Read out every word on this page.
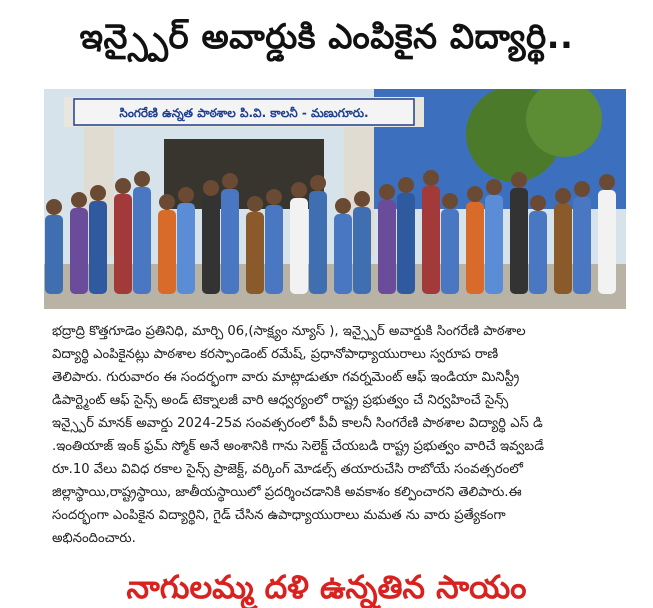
ఇన్స్పైర్ అవార్డుకి ఎంపికైన విద్యార్థి..
సింగరేణి ఉన్నత పాఠశాల పి.వి. కాలనీ - మణుగూరు.
భద్రాద్రి కొత్తగూడెం ప్రతినిధి, మార్చి 06,(సాక్ష్యం న్యూస్ ), ఇన్స్పైర్ అవార్డుకి సింగరేణి పాఠశాల
విద్యార్థి ఎంపికైనట్లు పాఠశాల కరస్పాండెంట్ రమేష్, ప్రధానోపాధ్యాయురాలు స్వరూప రాణి
తెలిపారు. గురువారం ఈ సందర్భంగా వారు మాట్లాడుతూ గవర్నమెంట్ ఆఫ్ ఇండియా మినిస్ట్రీ
డిపార్ట్మెంట్ ఆఫ్ సైన్స్ అండ్ టెక్నాలజీ వారి ఆధ్వర్యంలో రాష్ట్ర ప్రభుత్వం చే నిర్వహించే సైన్స్
ఇన్స్పైర్ మానక్ అవార్డు 2024-25వ సంవత్సరంలో పీవీ కాలనీ సింగరేణి పాఠశాల విద్యార్థి ఎస్ డి
.ఇంతియాజ్ ఇంక్ ఫ్రమ్ స్మోక్ అనే అంశానికి గాను సెలెక్ట్ చేయబడి రాష్ట్ర ప్రభుత్వం వారిచే ఇవ్వబడే
రూ.10 వేలు వివిధ రకాల సైన్స్ ప్రాజెక్ట్, వర్కింగ్ మోడల్స్ తయారుచేసి రాబోయే సంవత్సరంలో
జిల్లాస్థాయి,రాష్ట్రస్థాయి, జాతీయస్థాయిలో ప్రదర్శించడానికి అవకాశం కల్పించారని తెలిపారు.ఈ
సందర్భంగా ఎంపికైన విద్యార్థిని, గైడ్ చేసిన ఉపాధ్యాయురాలు మమత ను వారు ప్రత్యేకంగా
అభినందించారు.
నాగులమ్మ దళి ఉన్నతిన సాయం
